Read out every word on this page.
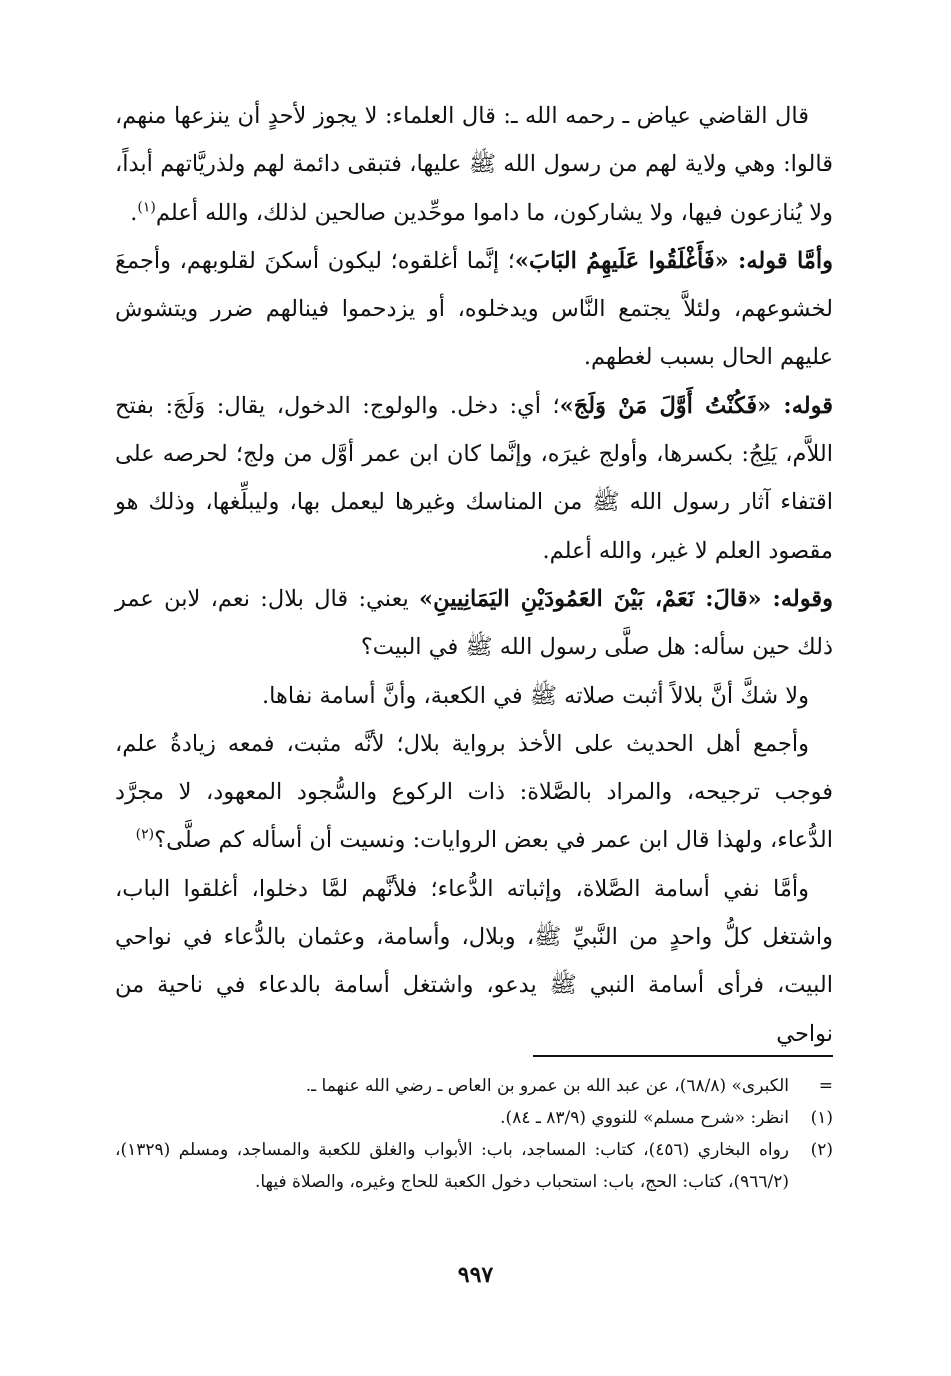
قال القاضي عياض ـ رحمه الله ـ: قال العلماء: لا يجوز لأحدٍ أن ينزعها منهم، قالوا: وهي ولاية لهم من رسول الله ﷺ عليها، فتبقى دائمة لهم ولذريَّاتهم أبداً، ولا يُنازعون فيها، ولا يشاركون، ما داموا موحِّدين صالحين لذلك، والله أعلم$^{(١)}$.

وأمَّا قوله: «فَأَغْلَقُوا عَلَيهِمُ البَابَ»؛ إنَّما أغلقوه؛ ليكون أسكنَ لقلوبهم، وأجمعَ لخشوعهم، ولئلاَّ يجتمع النَّاس ويدخلوه، أو يزدحموا فينالهم ضرر ويتشوش عليهم الحال بسبب لغطهم.

قوله: «فَكُنْتُ أَوَّلَ مَنْ وَلَجَ»؛ أي: دخل. والولوج: الدخول، يقال: وَلَجَ: بفتح اللاَّم، يَلِجُ: بكسرها، وأولج غيرَه، وإنَّما كان ابن عمر أوَّل من ولج؛ لحرصه على اقتفاء آثار رسول الله ﷺ من المناسك وغيرها ليعمل بها، وليبلِّغها، وذلك هو مقصود العلم لا غير، والله أعلم.

وقوله: «قالَ: نَعَمْ، بَيْنَ العَمُودَيْنِ اليَمَانِيينِ» يعني: قال بلال: نعم، لابن عمر ذلك حين سأله: هل صلَّى رسول الله ﷺ في البيت؟

ولا شكَّ أنَّ بلالاً أثبت صلاته ﷺ في الكعبة، وأنَّ أسامة نفاها.

وأجمع أهل الحديث على الأخذ برواية بلال؛ لأنَّه مثبت، فمعه زيادةُ علم، فوجب ترجيحه، والمراد بالصَّلاة: ذات الركوع والسُّجود المعهود، لا مجرَّد الدُّعاء، ولهذا قال ابن عمر في بعض الروايات: ونسيت أن أسأله كم صلَّى؟$^{(٢)}$

وأمَّا نفي أسامة الصَّلاة، وإثباته الدُّعاء؛ فلأنَّهم لمَّا دخلوا، أغلقوا الباب، واشتغل كلُّ واحدٍ من النَّبيِّ ﷺ، وبلال، وأسامة، وعثمان بالدُّعاء في نواحي البيت، فرأى أسامة النبي ﷺ يدعو، واشتغل أسامة بالدعاء في ناحية من نواحي

=
الكبرى» (٦٨/٨)، عن عبد الله بن عمرو بن العاص ـ رضي الله عنهما ـ.
(١)
انظر: «شرح مسلم» للنووي (٨٣/٩ ـ ٨٤).
(٢)
رواه البخاري (٤٥٦)، كتاب: المساجد، باب: الأبواب والغلق للكعبة والمساجد، ومسلم (١٣٢٩)، (٩٦٦/٢)، كتاب: الحج، باب: استحباب دخول الكعبة للحاج وغيره، والصلاة فيها.
٩٩٧
